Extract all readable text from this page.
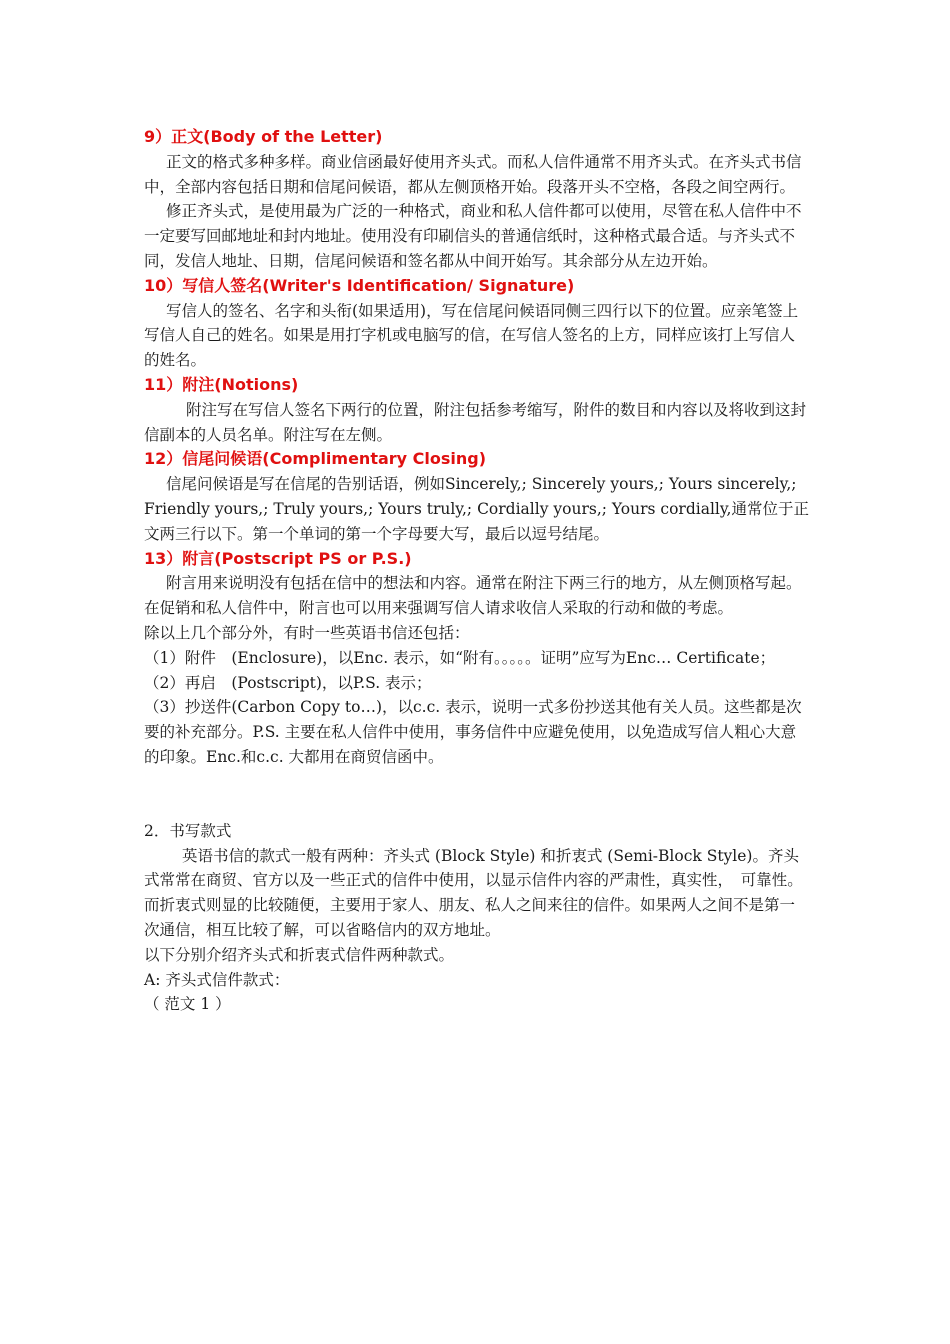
9）正文(Body of the Letter)

正文的格式多种多样。商业信函最好使用齐头式。而私人信件通常不用齐头式。在齐头式书信中，全部内容包括日期和信尾问候语，都从左侧顶格开始。段落开头不空格，各段之间空两行。

修正齐头式，是使用最为广泛的一种格式，商业和私人信件都可以使用，尽管在私人信件中不一定要写回邮地址和封内地址。使用没有印刷信头的普通信纸时，这种格式最合适。与齐头式不同，发信人地址、日期，信尾问候语和签名都从中间开始写。其余部分从左边开始。

10）写信人签名(Writer's Identification/ Signature)

写信人的签名、名字和头衔(如果适用)，写在信尾问候语同侧三四行以下的位置。应亲笔签上写信人自己的姓名。如果是用打字机或电脑写的信，在写信人签名的上方，同样应该打上写信人的姓名。

11）附注(Notions)

附注写在写信人签名下两行的位置，附注包括参考缩写，附件的数目和内容以及将收到这封信副本的人员名单。附注写在左侧。

12）信尾问候语(Complimentary Closing)

信尾问候语是写在信尾的告别话语，例如Sincerely,; Sincerely yours,; Yours sincerely,; Friendly yours,; Truly yours,; Yours truly,; Cordially yours,; Yours cordially,通常位于正文两三行以下。第一个单词的第一个字母要大写，最后以逗号结尾。

13）附言(Postscript PS or P.S.)

附言用来说明没有包括在信中的想法和内容。通常在附注下两三行的地方，从左侧顶格写起。在促销和私人信件中，附言也可以用来强调写信人请求收信人采取的行动和做的考虑。

除以上几个部分外，有时一些英语书信还包括：

（1）附件　(Enclosure)，以Enc. 表示，如“附有。。。。。证明”应写为Enc… Certificate；

（2）再启　(Postscript)，以P.S. 表示；

（3）抄送件(Carbon Copy to…)，以c.c. 表示，说明一式多份抄送其他有关人员。这些都是次要的补充部分。P.S. 主要在私人信件中使用，事务信件中应避免使用，以免造成写信人粗心大意的印象。Enc.和c.c. 大都用在商贸信函中。

2．书写款式

英语书信的款式一般有两种：齐头式 (Block Style) 和折衷式 (Semi-Block Style)。齐头式常常在商贸、官方以及一些正式的信件中使用，以显示信件内容的严肃性，真实性，　可靠性。而折衷式则显的比较随便，主要用于家人、朋友、私人之间来往的信件。如果两人之间不是第一次通信，相互比较了解，可以省略信内的双方地址。

以下分别介绍齐头式和折衷式信件两种款式。

A: 齐头式信件款式：

（ 范文 1 ）
